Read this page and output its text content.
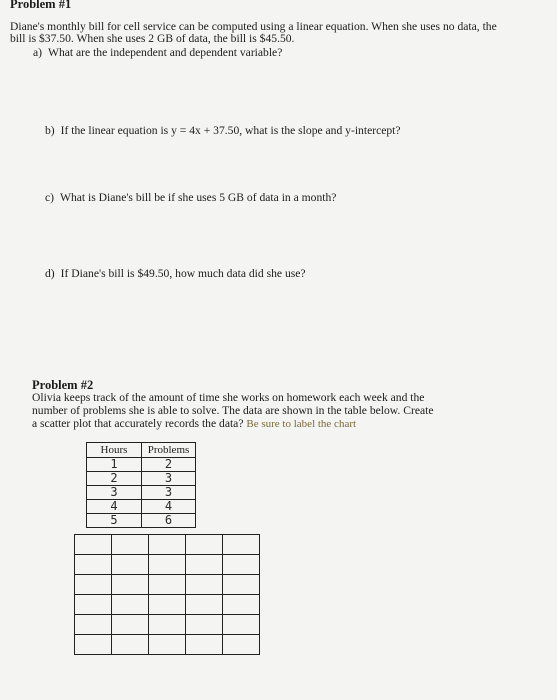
Problem #1
Diane's monthly bill for cell service can be computed using a linear equation. When she uses no data, the
bill is $37.50. When she uses 2 GB of data, the bill is $45.50.
a) What are the independent and dependent variable?
b) If the linear equation is y = 4x + 37.50, what is the slope and y-intercept?
c) What is Diane's bill be if she uses 5 GB of data in a month?
d) If Diane's bill is $49.50, how much data did she use?
Problem #2
Olivia keeps track of the amount of time she works on homework each week and the
number of problems she is able to solve. The data are shown in the table below. Create
a scatter plot that accurately records the data? Be sure to label the chart
Hours	Problems
1	2
2	3
3	3
4	4
5	6
